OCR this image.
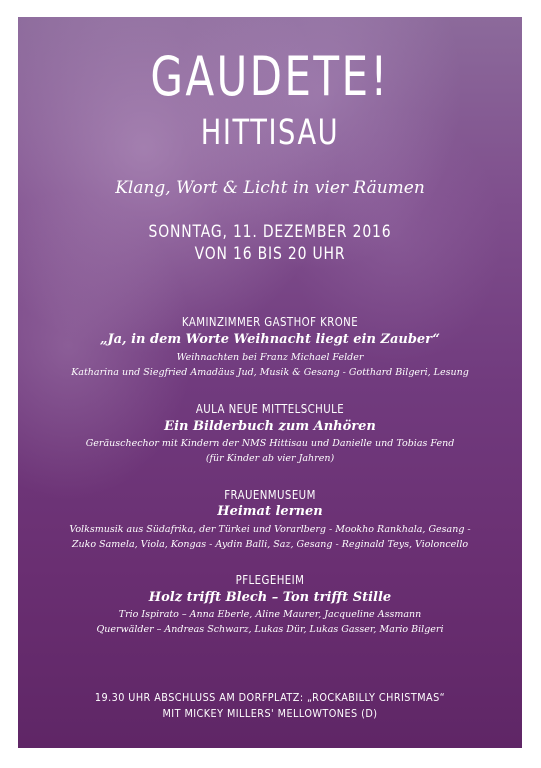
GAUDETE!
HITTISAU
Klang, Wort & Licht in vier Räumen
SONNTAG, 11. DEZEMBER 2016
VON 16 BIS 20 UHR
KAMINZIMMER GASTHOF KRONE
„Ja, in dem Worte Weihnacht liegt ein Zauber“
Weihnachten bei Franz Michael Felder
Katharina und Siegfried Amadäus Jud, Musik & Gesang - Gotthard Bilgeri, Lesung
AULA NEUE MITTELSCHULE
Ein Bilderbuch zum Anhören
Geräuschechor mit Kindern der NMS Hittisau und Danielle und Tobias Fend
(für Kinder ab vier Jahren)
FRAUENMUSEUM
Heimat lernen
Volksmusik aus Südafrika, der Türkei und Vorarlberg - Mookho Rankhala, Gesang -
Zuko Samela, Viola, Kongas - Aydin Balli, Saz, Gesang - Reginald Teys, Violoncello
PFLEGEHEIM
Holz trifft Blech – Ton trifft Stille
Trio Ispirato – Anna Eberle, Aline Maurer, Jacqueline Assmann
Querwälder – Andreas Schwarz, Lukas Dür, Lukas Gasser, Mario Bilgeri
19.30 UHR ABSCHLUSS AM DORFPLATZ: „ROCKABILLY CHRISTMAS“
MIT MICKEY MILLERS' MELLOWTONES (D)
